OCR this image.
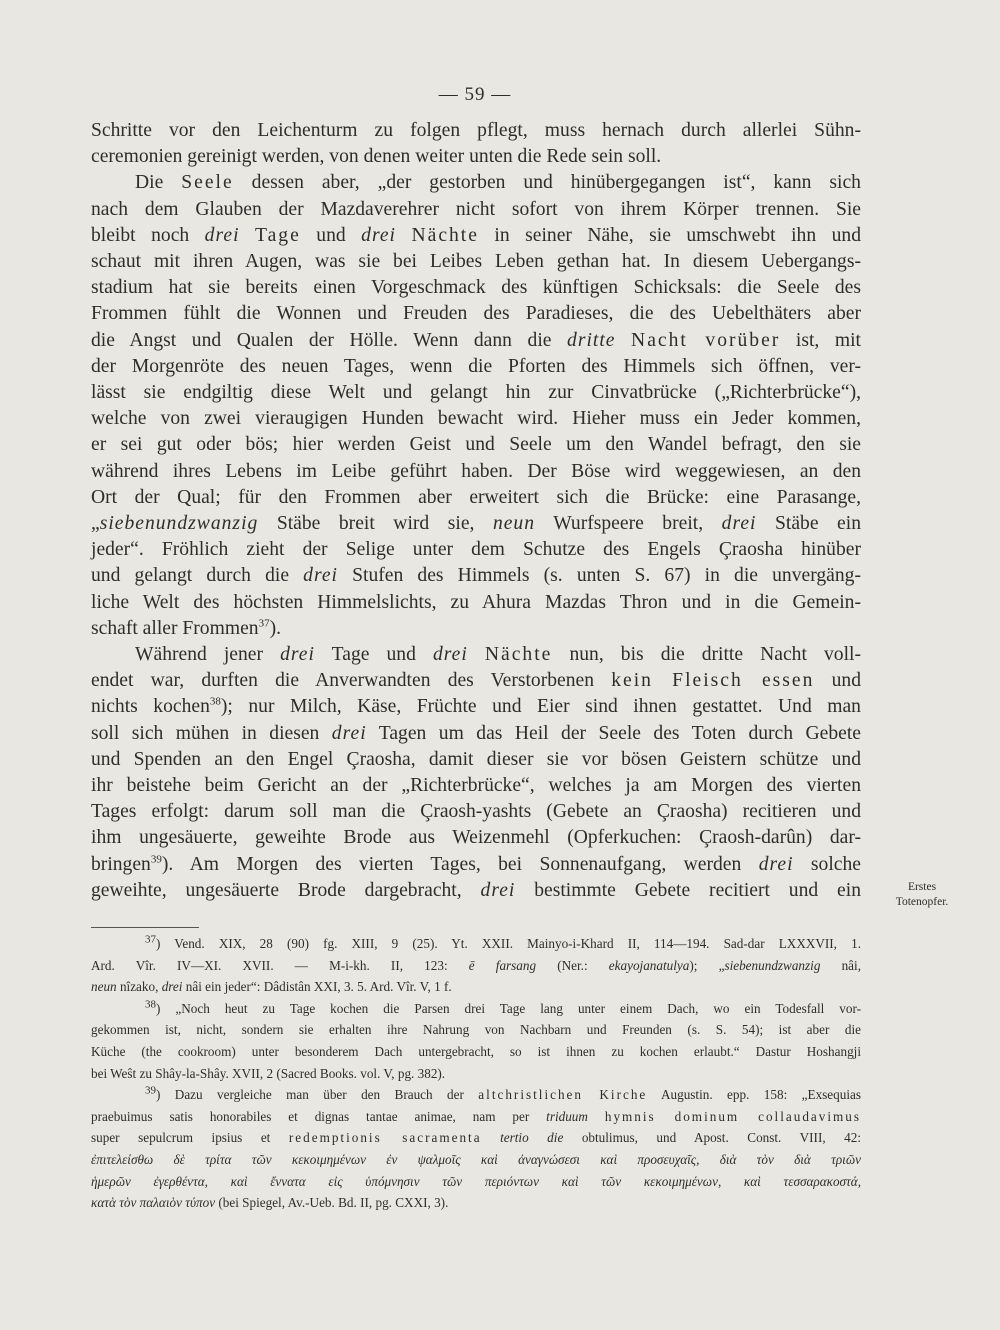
— 59 —
Schritte vor den Leichenturm zu folgen pflegt, muss hernach durch allerlei Sühn-
ceremonien gereinigt werden, von denen weiter unten die Rede sein soll.
Die Seele dessen aber, „der gestorben und hinübergegangen ist“, kann sich
nach dem Glauben der Mazdaverehrer nicht sofort von ihrem Körper trennen. Sie
bleibt noch drei Tage und drei Nächte in seiner Nähe, sie umschwebt ihn und
schaut mit ihren Augen, was sie bei Leibes Leben gethan hat. In diesem Uebergangs-
stadium hat sie bereits einen Vorgeschmack des künftigen Schicksals: die Seele des
Frommen fühlt die Wonnen und Freuden des Paradieses, die des Uebelthäters aber
die Angst und Qualen der Hölle. Wenn dann die dritte Nacht vorüber ist, mit
der Morgenröte des neuen Tages, wenn die Pforten des Himmels sich öffnen, ver-
lässt sie endgiltig diese Welt und gelangt hin zur Cinvatbrücke („Richterbrücke“),
welche von zwei vieraugigen Hunden bewacht wird. Hieher muss ein Jeder kommen,
er sei gut oder bös; hier werden Geist und Seele um den Wandel befragt, den sie
während ihres Lebens im Leibe geführt haben. Der Böse wird weggewiesen, an den
Ort der Qual; für den Frommen aber erweitert sich die Brücke: eine Parasange,
„siebenundzwanzig Stäbe breit wird sie, neun Wurfspeere breit, drei Stäbe ein
jeder“. Fröhlich zieht der Selige unter dem Schutze des Engels Çraosha hinüber
und gelangt durch die drei Stufen des Himmels (s. unten S. 67) in die unvergäng-
liche Welt des höchsten Himmelslichts, zu Ahura Mazdas Thron und in die Gemein-
schaft aller Frommen$^{37}$).
Während jener drei Tage und drei Nächte nun, bis die dritte Nacht voll-
endet war, durften die Anverwandten des Verstorbenen kein Fleisch essen und
nichts kochen$^{38}$); nur Milch, Käse, Früchte und Eier sind ihnen gestattet. Und man
soll sich mühen in diesen drei Tagen um das Heil der Seele des Toten durch Gebete
und Spenden an den Engel Çraosha, damit dieser sie vor bösen Geistern schütze und
ihr beistehe beim Gericht an der „Richterbrücke“, welches ja am Morgen des vierten
Tages erfolgt: darum soll man die Çraosh-yashts (Gebete an Çraosha) recitieren und
ihm ungesäuerte, geweihte Brode aus Weizenmehl (Opferkuchen: Çraosh-darûn) dar-
bringen$^{39}$). Am Morgen des vierten Tages, bei Sonnenaufgang, werden drei solche
geweihte, ungesäuerte Brode dargebracht, drei bestimmte Gebete recitiert und ein	Erstes
Totenopfer.
$^{37}$) Vend. XIX, 28 (90) fg. XIII, 9 (25). Yt. XXII. Mainyo-i-Khard II, 114—194. Sad-dar LXXXVII, 1.
Ard. Vîr. IV—XI. XVII. — M-i-kh. II, 123: ē farsang (Ner.: ekayojanatulya); „siebenundzwanzig nâi,
neun nîzako, drei nâi ein jeder“: Dâdistân XXI, 3. 5. Ard. Vîr. V, 1 f.
$^{38}$) „Noch heut zu Tage kochen die Parsen drei Tage lang unter einem Dach, wo ein Todesfall vor-
gekommen ist, nicht, sondern sie erhalten ihre Nahrung von Nachbarn und Freunden (s. S. 54); ist aber die
Küche (the cookroom) unter besonderem Dach untergebracht, so ist ihnen zu kochen erlaubt.“ Dastur Hoshangji
bei Weŝt zu Shây-la-Shây. XVII, 2 (Sacred Books. vol. V, pg. 382).
$^{39}$) Dazu vergleiche man über den Brauch der altchristlichen Kirche Augustin. epp. 158: „Exsequias
praebuimus satis honorabiles et dignas tantae animae, nam per triduum hymnis dominum collaudavimus
super sepulcrum ipsius et redemptionis sacramenta tertio die obtulimus, und Apost. Const. VIII, 42:
ἐπιτελείσθω δὲ τρίτα τῶν κεκοιμημένων ἐν ψαλμοῖς καὶ ἀναγνώσεσι καὶ προσευχαῖς, διὰ τὸν διὰ τριῶν
ἡμερῶν ἐγερθέντα, καὶ ἔννατα εἰς ὑπόμνησιν τῶν περιόντων καὶ τῶν κεκοιμημένων, καὶ τεσσαρακοστά,
κατὰ τὸν παλαιὸν τύπον (bei Spiegel, Av.-Ueb. Bd. II, pg. CXXI, 3).
